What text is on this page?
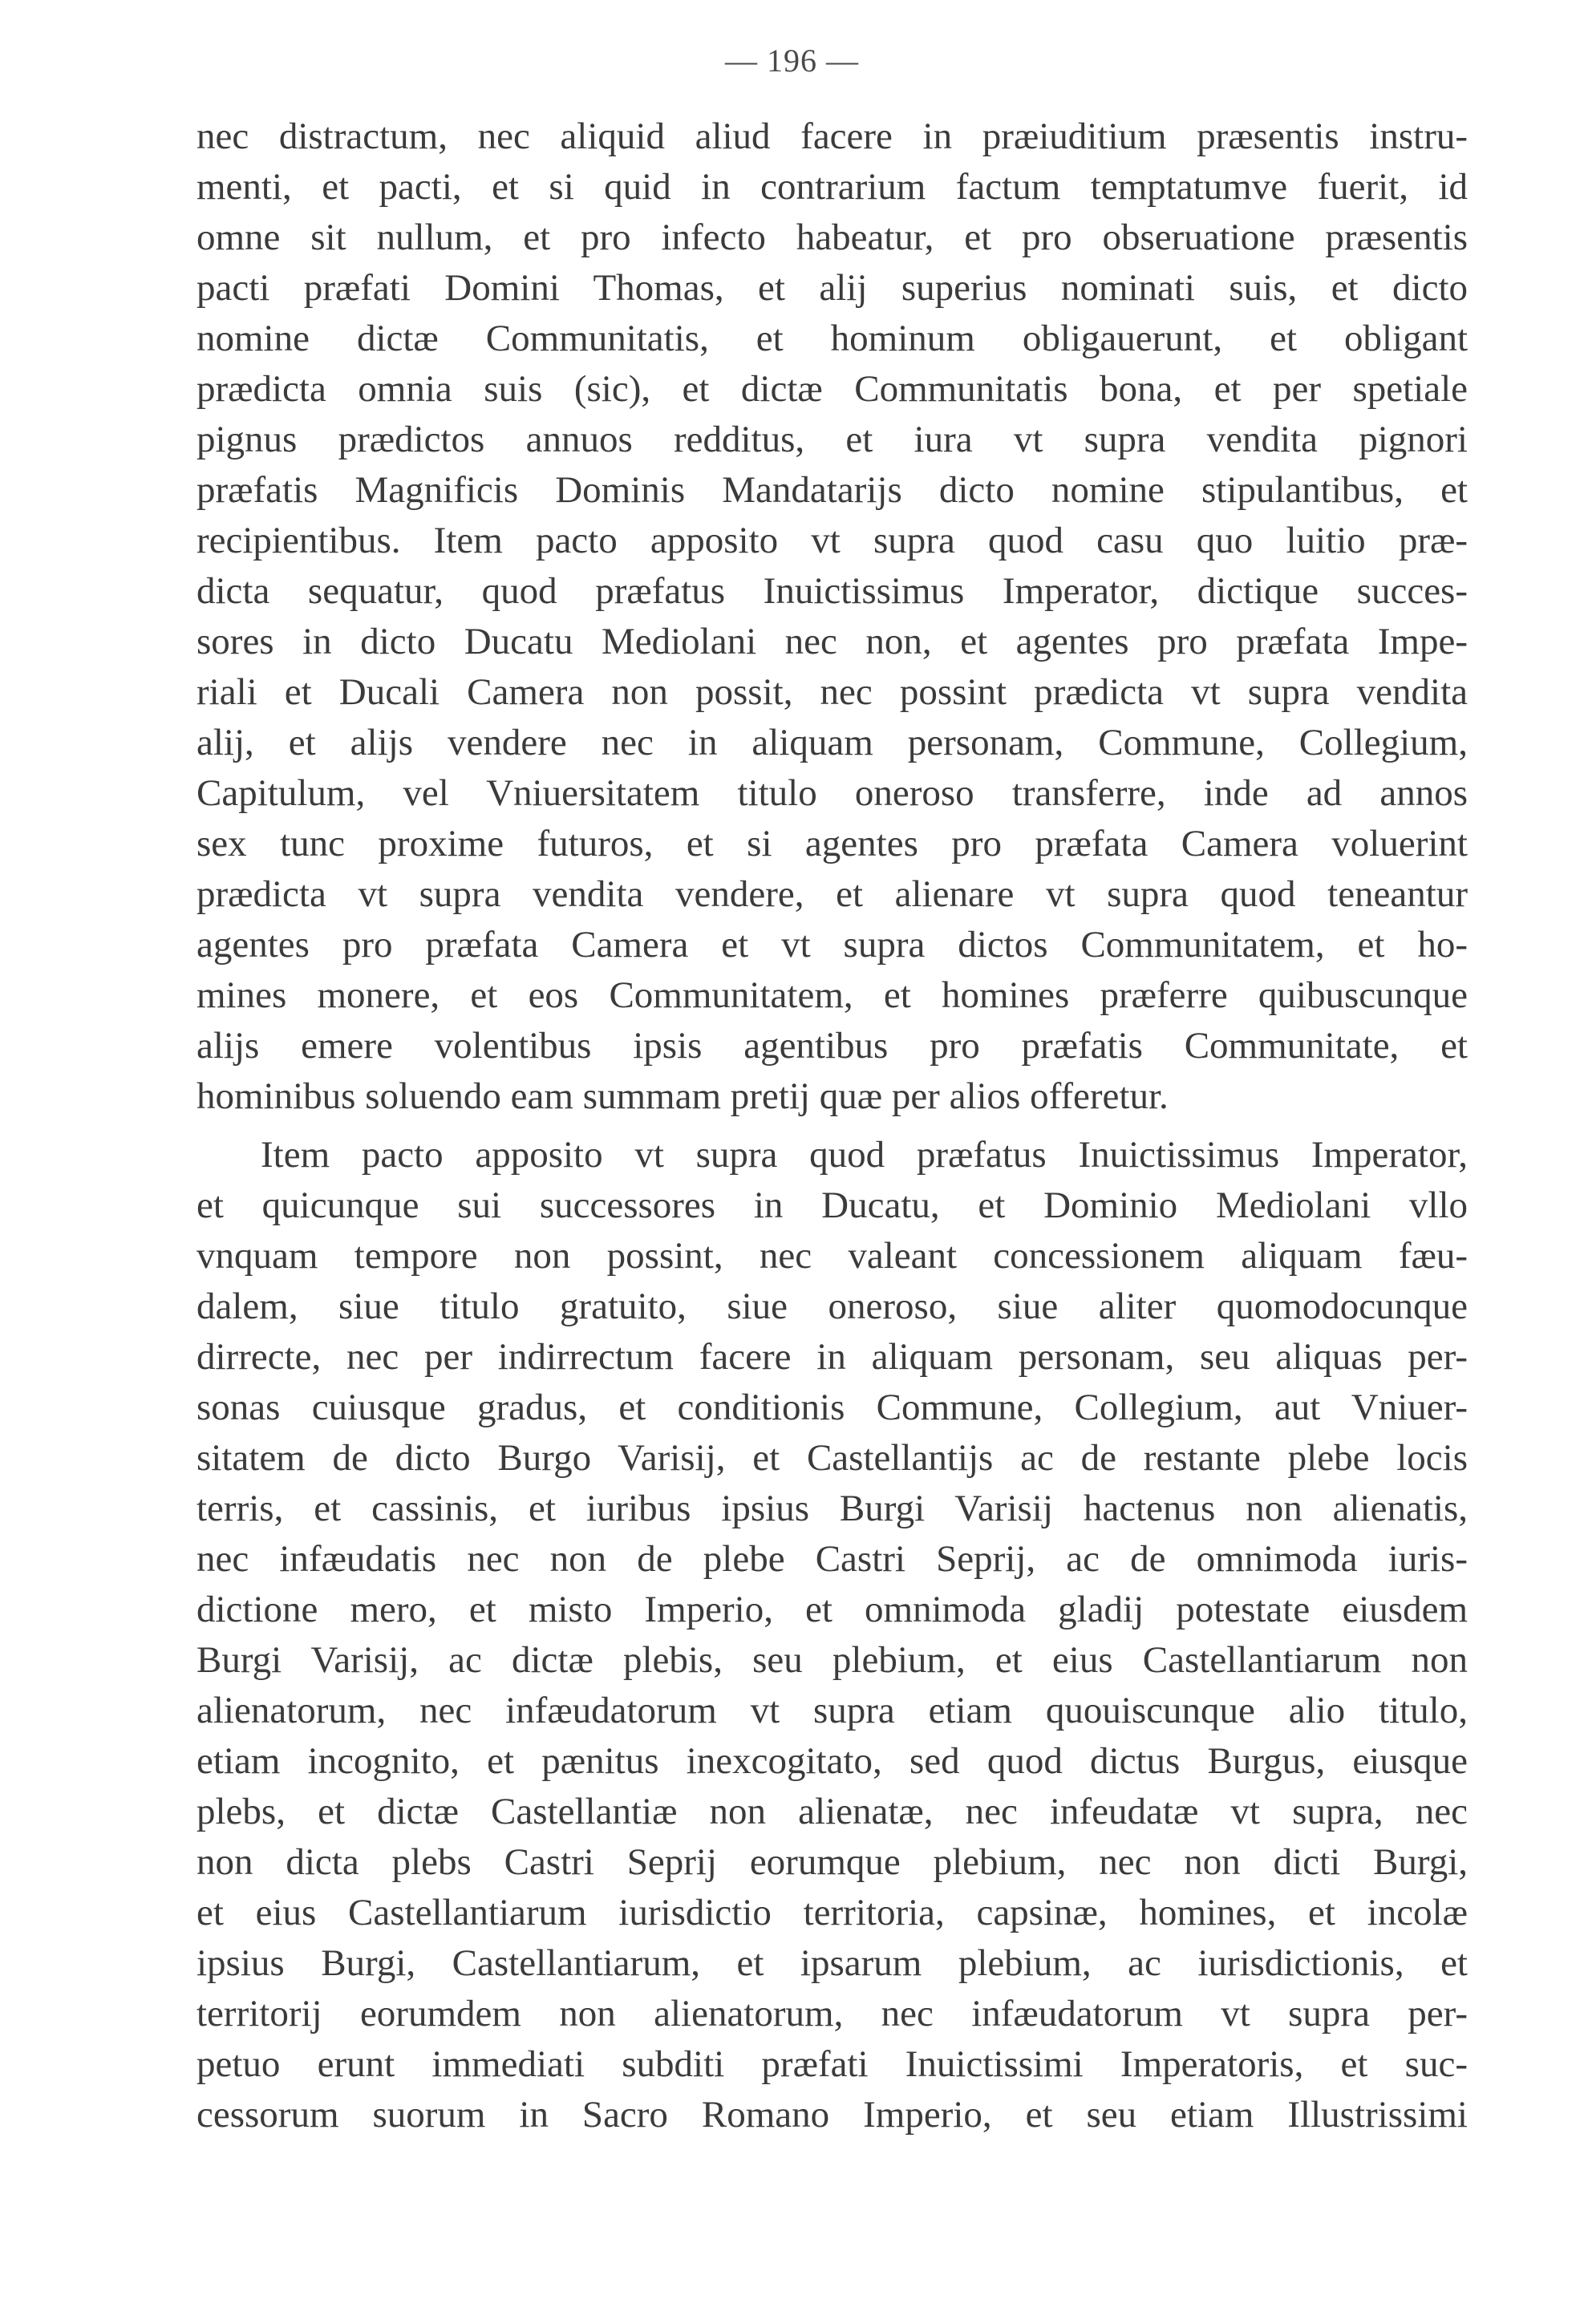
— 196 —
nec distractum, nec aliquid aliud facere in præiuditium præsentis instru-
menti, et pacti, et si quid in contrarium factum temptatumve fuerit, id
omne sit nullum, et pro infecto habeatur, et pro obseruatione præsentis
pacti præfati Domini Thomas, et alij superius nominati suis, et dicto
nomine dictæ Communitatis, et hominum obligauerunt, et obligant
prædicta omnia suis (sic), et dictæ Communitatis bona, et per spetiale
pignus prædictos annuos redditus, et iura vt supra vendita pignori
præfatis Magnificis Dominis Mandatarijs dicto nomine stipulantibus, et
recipientibus. Item pacto apposito vt supra quod casu quo luitio præ-
dicta sequatur, quod præfatus Inuictissimus Imperator, dictique succes-
sores in dicto Ducatu Mediolani nec non, et agentes pro præfata Impe-
riali et Ducali Camera non possit, nec possint prædicta vt supra vendita
alij, et alijs vendere nec in aliquam personam, Commune, Collegium,
Capitulum, vel Vniuersitatem titulo oneroso transferre, inde ad annos
sex tunc proxime futuros, et si agentes pro præfata Camera voluerint
prædicta vt supra vendita vendere, et alienare vt supra quod teneantur
agentes pro præfata Camera et vt supra dictos Communitatem, et ho-
mines monere, et eos Communitatem, et homines præferre quibuscunque
alijs emere volentibus ipsis agentibus pro præfatis Communitate, et
hominibus soluendo eam summam pretij quæ per alios offeretur.
Item pacto apposito vt supra quod præfatus Inuictissimus Imperator,
et quicunque sui successores in Ducatu, et Dominio Mediolani vllo
vnquam tempore non possint, nec valeant concessionem aliquam fæu-
dalem, siue titulo gratuito, siue oneroso, siue aliter quomodocunque
dirrecte, nec per indirrectum facere in aliquam personam, seu aliquas per-
sonas cuiusque gradus, et conditionis Commune, Collegium, aut Vniuer-
sitatem de dicto Burgo Varisij, et Castellantijs ac de restante plebe locis
terris, et cassinis, et iuribus ipsius Burgi Varisij hactenus non alienatis,
nec infæudatis nec non de plebe Castri Seprij, ac de omnimoda iuris-
dictione mero, et misto Imperio, et omnimoda gladij potestate eiusdem
Burgi Varisij, ac dictæ plebis, seu plebium, et eius Castellantiarum non
alienatorum, nec infæudatorum vt supra etiam quouiscunque alio titulo,
etiam incognito, et pænitus inexcogitato, sed quod dictus Burgus, eiusque
plebs, et dictæ Castellantiæ non alienatæ, nec infeudatæ vt supra, nec
non dicta plebs Castri Seprij eorumque plebium, nec non dicti Burgi,
et eius Castellantiarum iurisdictio territoria, capsinæ, homines, et incolæ
ipsius Burgi, Castellantiarum, et ipsarum plebium, ac iurisdictionis, et
territorij eorumdem non alienatorum, nec infæudatorum vt supra per-
petuo erunt immediati subditi præfati Inuictissimi Imperatoris, et suc-
cessorum suorum in Sacro Romano Imperio, et seu etiam Illustrissimi
